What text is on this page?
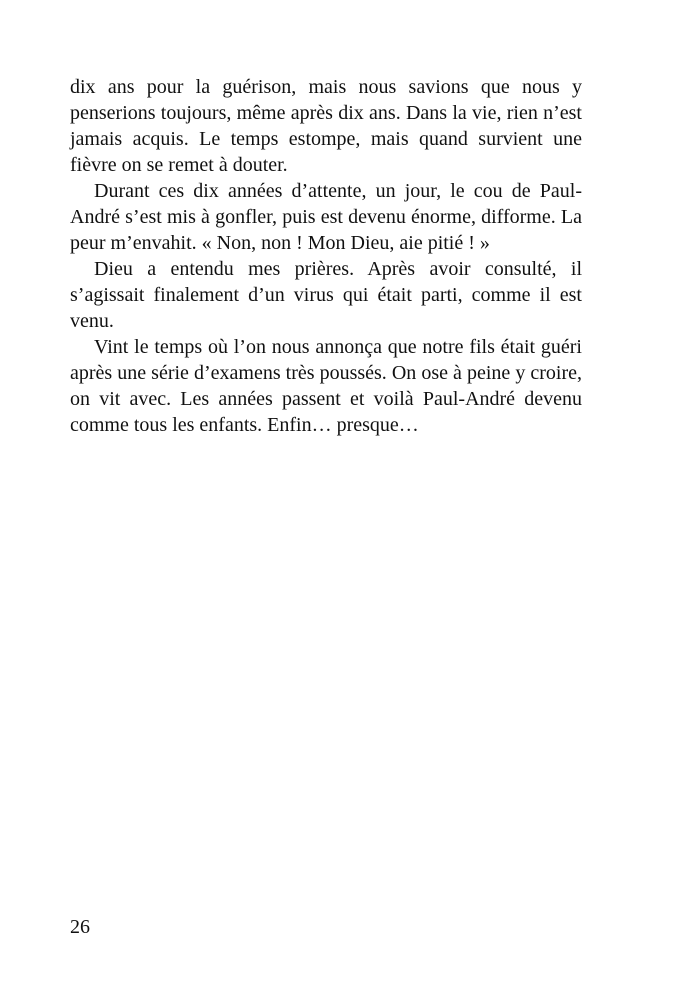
dix ans pour la guérison, mais nous savions que nous y penserions toujours, même après dix ans. Dans la vie, rien n’est jamais acquis. Le temps estompe, mais quand survient une fièvre on se remet à douter.

Durant ces dix années d’attente, un jour, le cou de Paul-André s’est mis à gonfler, puis est devenu énorme, difforme. La peur m’envahit. « Non, non ! Mon Dieu, aie pitié ! »

Dieu a entendu mes prières. Après avoir consulté, il s’agissait finalement d’un virus qui était parti, comme il est venu.

Vint le temps où l’on nous annonça que notre fils était guéri après une série d’examens très poussés. On ose à peine y croire, on vit avec. Les années passent et voilà Paul-André devenu comme tous les enfants. Enfin… presque…

26
